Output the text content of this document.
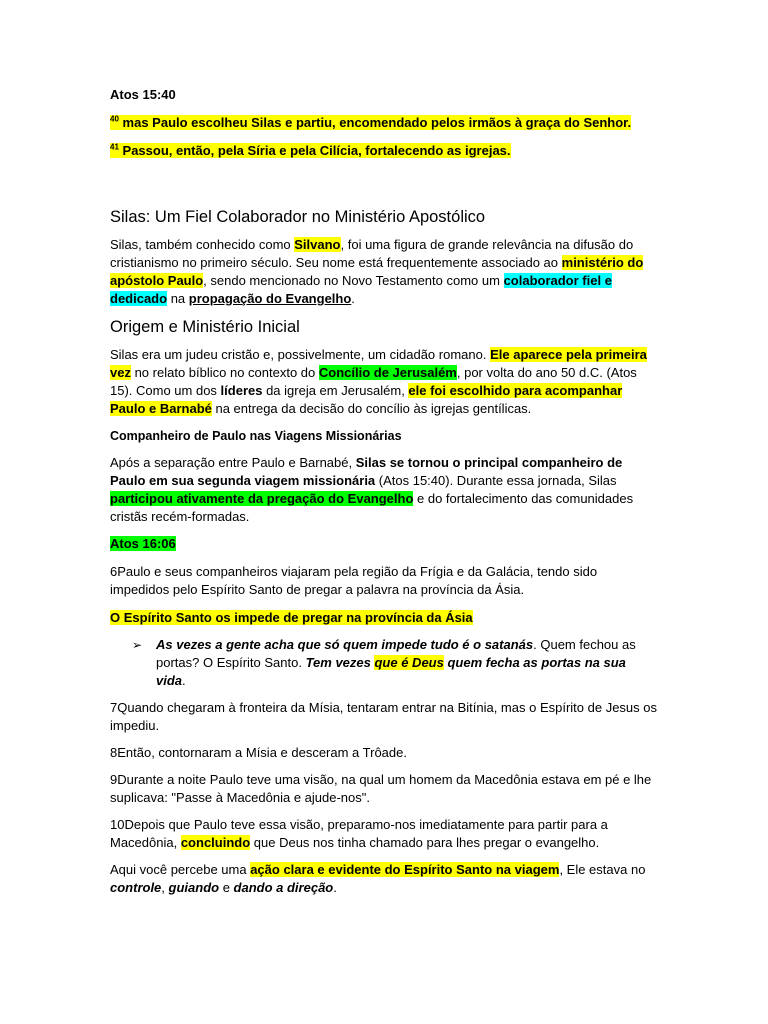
Atos 15:40

$^{40}$ mas Paulo escolheu Silas e partiu, encomendado pelos irmãos à graça do Senhor.

$^{41}$ Passou, então, pela Síria e pela Cilícia, fortalecendo as igrejas.

Silas: Um Fiel Colaborador no Ministério Apostólico

Silas, também conhecido como Silvano, foi uma figura de grande relevância na difusão do cristianismo no primeiro século. Seu nome está frequentemente associado ao ministério do apóstolo Paulo, sendo mencionado no Novo Testamento como um colaborador fiel e dedicado na propagação do Evangelho.

Origem e Ministério Inicial

Silas era um judeu cristão e, possivelmente, um cidadão romano. Ele aparece pela primeira vez no relato bíblico no contexto do Concílio de Jerusalém, por volta do ano 50 d.C. (Atos 15). Como um dos líderes da igreja em Jerusalém, ele foi escolhido para acompanhar Paulo e Barnabé na entrega da decisão do concílio às igrejas gentílicas.

Companheiro de Paulo nas Viagens Missionárias

Após a separação entre Paulo e Barnabé, Silas se tornou o principal companheiro de Paulo em sua segunda viagem missionária (Atos 15:40). Durante essa jornada, Silas participou ativamente da pregação do Evangelho e do fortalecimento das comunidades cristãs recém-formadas.

Atos 16:06

6Paulo e seus companheiros viajaram pela região da Frígia e da Galácia, tendo sido impedidos pelo Espírito Santo de pregar a palavra na província da Ásia.

O Espírito Santo os impede de pregar na província da Ásia

➢ As vezes a gente acha que só quem impede tudo é o satanás. Quem fechou as portas? O Espírito Santo. Tem vezes que é Deus quem fecha as portas na sua vida.

7Quando chegaram à fronteira da Mísia, tentaram entrar na Bitínia, mas o Espírito de Jesus os impediu.

8Então, contornaram a Mísia e desceram a Trôade.

9Durante a noite Paulo teve uma visão, na qual um homem da Macedônia estava em pé e lhe suplicava: "Passe à Macedônia e ajude-nos".

10Depois que Paulo teve essa visão, preparamo-nos imediatamente para partir para a Macedônia, concluindo que Deus nos tinha chamado para lhes pregar o evangelho.

Aqui você percebe uma ação clara e evidente do Espírito Santo na viagem, Ele estava no controle, guiando e dando a direção.
